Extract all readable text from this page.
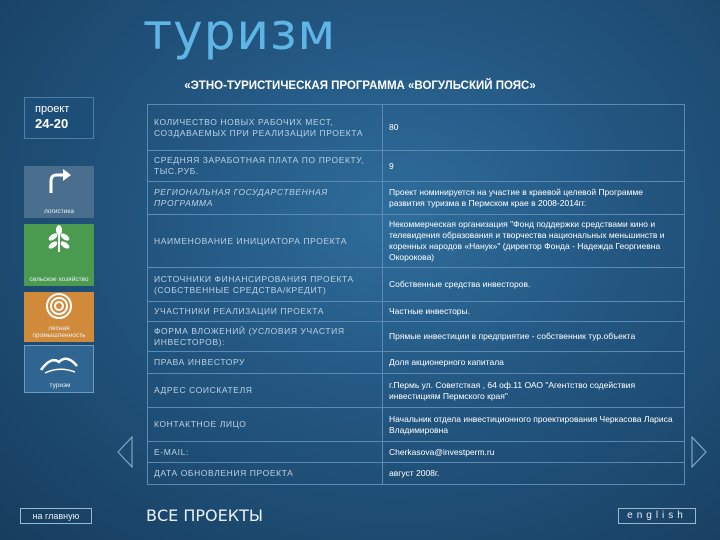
туризм
«ЭТНО-ТУРИСТИЧЕСКАЯ ПРОГРАММА «ВОГУЛЬСКИЙ ПОЯС»
проект
24-20
логистика
сельское хозяйство
лесная промышленность
туризм
КОЛИЧЕСТВО НОВЫХ РАБОЧИХ МЕСТ, СОЗДАВАЕМЫХ ПРИ РЕАЛИЗАЦИИ ПРОЕКТА	80
СРЕДНЯЯ ЗАРАБОТНАЯ ПЛАТА ПО ПРОЕКТУ, ТЫС.РУБ.	9
РЕГИОНАЛЬНАЯ ГОСУДАРСТВЕННАЯ ПРОГРАММА	Проект номинируется на участие в краевой целевой Программе развития туризма в Пермском крае в 2008-2014гг.
НАИМЕНОВАНИЕ ИНИЦИАТОРА ПРОЕКТА	Некоммерческая организация "Фонд поддержки средствами кино и телевидения образования и творчества национальных меньшинств и коренных народов «Нанук»" (директор Фонда - Надежда Георгиевна Окорокова)
ИСТОЧНИКИ ФИНАНСИРОВАНИЯ ПРОЕКТА (СОБСТВЕННЫЕ СРЕДСТВА/КРЕДИТ)	Собственные средства инвесторов.
УЧАСТНИКИ РЕАЛИЗАЦИИ ПРОЕКТА	Частные инвесторы.
ФОРМА ВЛОЖЕНИЙ (УСЛОВИЯ УЧАСТИЯ ИНВЕСТОРОВ):	Прямые инвестиции в предприятие - собственник тур.объекта
ПРАВА ИНВЕСТОРУ	Доля акционерного капитала
АДРЕС СОИСКАТЕЛЯ	г.Пермь ул. Советсткая , 64 оф.11 ОАО "Агентство содействия инвестициям Пермского края"
КОНТАКТНОЕ ЛИЦО	Начальник отдела инвестиционного проектирования Черкасова Лариса Владимировна
E-MAIL:	Cherkasova@investperm.ru
ДАТА ОБНОВЛЕНИЯ ПРОЕКТА	август 2008г.
на главную	ВСЕ ПРОЕКТЫ	english
